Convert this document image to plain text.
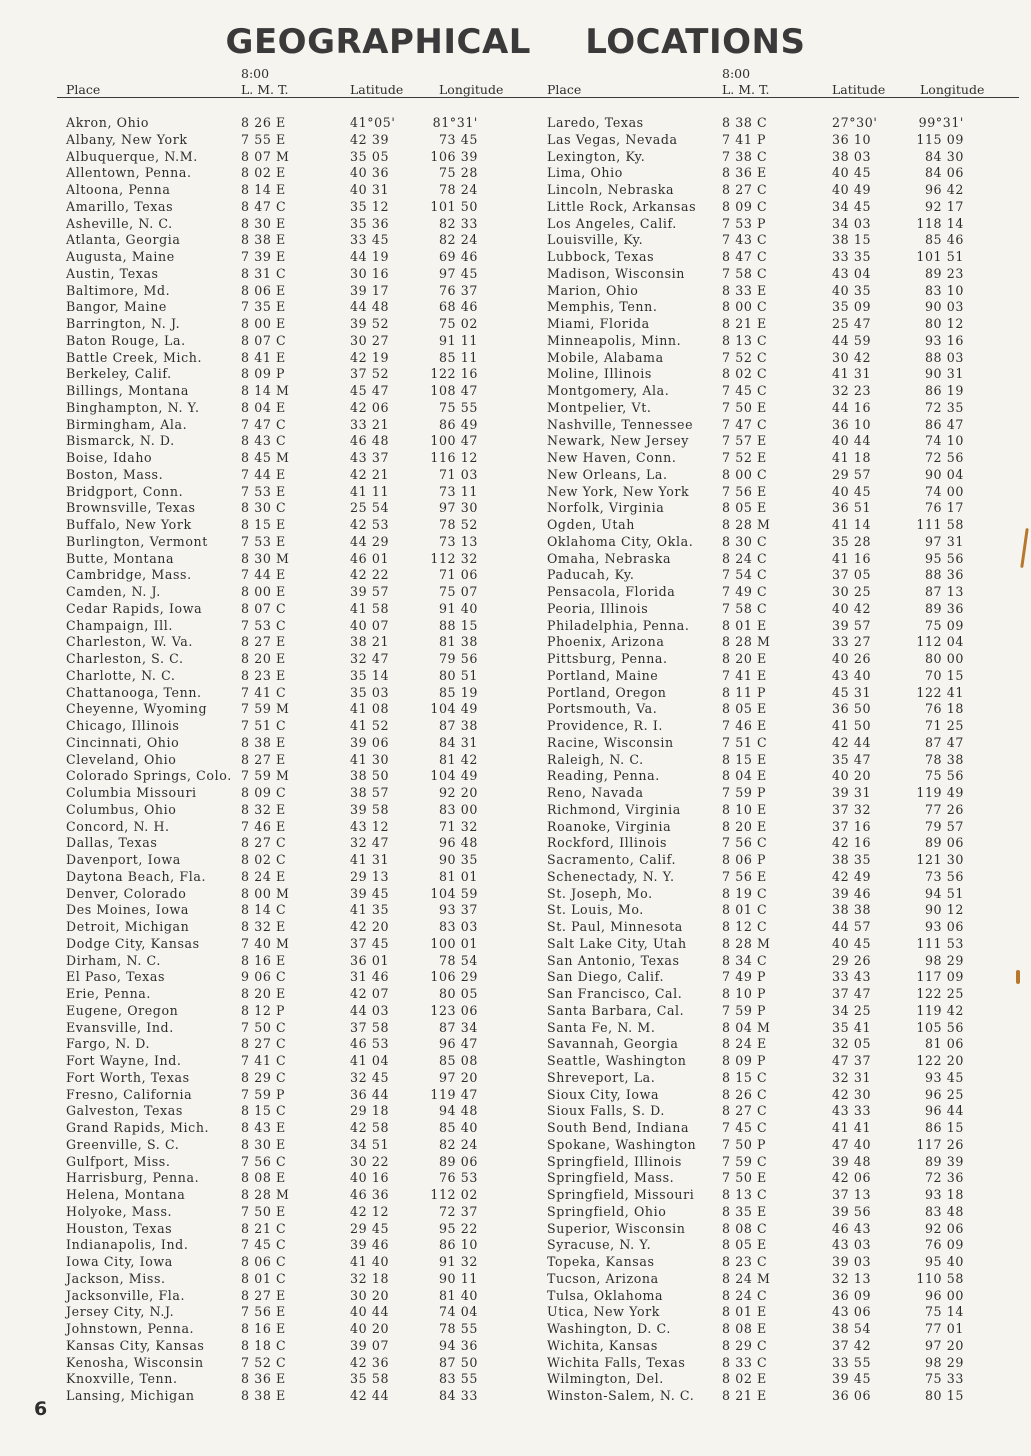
GEOGRAPHICAL LOCATIONS
8:00
Place	L. M. T.	Latitude	Longitude
Akron, Ohio	8 26 E	41°05'	81°31'
Albany, New York	7 55 E	42 39	73 45
Albuquerque, N.M.	8 07 M	35 05	106 39
Allentown, Penna.	8 02 E	40 36	75 28
Altoona, Penna	8 14 E	40 31	78 24
Amarillo, Texas	8 47 C	35 12	101 50
Asheville, N. C.	8 30 E	35 36	82 33
Atlanta, Georgia	8 38 E	33 45	82 24
Augusta, Maine	7 39 E	44 19	69 46
Austin, Texas	8 31 C	30 16	97 45
Baltimore, Md.	8 06 E	39 17	76 37
Bangor, Maine	7 35 E	44 48	68 46
Barrington, N. J.	8 00 E	39 52	75 02
Baton Rouge, La.	8 07 C	30 27	91 11
Battle Creek, Mich.	8 41 E	42 19	85 11
Berkeley, Calif.	8 09 P	37 52	122 16
Billings, Montana	8 14 M	45 47	108 47
Binghampton, N. Y.	8 04 E	42 06	75 55
Birmingham, Ala.	7 47 C	33 21	86 49
Bismarck, N. D.	8 43 C	46 48	100 47
Boise, Idaho	8 45 M	43 37	116 12
Boston, Mass.	7 44 E	42 21	71 03
Bridgport, Conn.	7 53 E	41 11	73 11
Brownsville, Texas	8 30 C	25 54	97 30
Buffalo, New York	8 15 E	42 53	78 52
Burlington, Vermont	7 53 E	44 29	73 13
Butte, Montana	8 30 M	46 01	112 32
Cambridge, Mass.	7 44 E	42 22	71 06
Camden, N. J.	8 00 E	39 57	75 07
Cedar Rapids, Iowa	8 07 C	41 58	91 40
Champaign, Ill.	7 53 C	40 07	88 15
Charleston, W. Va.	8 27 E	38 21	81 38
Charleston, S. C.	8 20 E	32 47	79 56
Charlotte, N. C.	8 23 E	35 14	80 51
Chattanooga, Tenn.	7 41 C	35 03	85 19
Cheyenne, Wyoming	7 59 M	41 08	104 49
Chicago, Illinois	7 51 C	41 52	87 38
Cincinnati, Ohio	8 38 E	39 06	84 31
Cleveland, Ohio	8 27 E	41 30	81 42
Colorado Springs, Colo. 7 59 M	38 50	104 49
Columbia Missouri	8 09 C	38 57	92 20
Columbus, Ohio	8 32 E	39 58	83 00
Concord, N. H.	7 46 E	43 12	71 32
Dallas, Texas	8 27 C	32 47	96 48
Davenport, Iowa	8 02 C	41 31	90 35
Daytona Beach, Fla.	8 24 E	29 13	81 01
Denver, Colorado	8 00 M	39 45	104 59
Des Moines, Iowa	8 14 C	41 35	93 37
Detroit, Michigan	8 32 E	42 20	83 03
Dodge City, Kansas	7 40 M	37 45	100 01
Dirham, N. C.	8 16 E	36 01	78 54
El Paso, Texas	9 06 C	31 46	106 29
Erie, Penna.	8 20 E	42 07	80 05
Eugene, Oregon	8 12 P	44 03	123 06
Evansville, Ind.	7 50 C	37 58	87 34
Fargo, N. D.	8 27 C	46 53	96 47
Fort Wayne, Ind.	7 41 C	41 04	85 08
Fort Worth, Texas	8 29 C	32 45	97 20
Fresno, California	7 59 P	36 44	119 47
Galveston, Texas	8 15 C	29 18	94 48
Grand Rapids, Mich.	8 43 E	42 58	85 40
Greenville, S. C.	8 30 E	34 51	82 24
Gulfport, Miss.	7 56 C	30 22	89 06
Harrisburg, Penna.	8 08 E	40 16	76 53
Helena, Montana	8 28 M	46 36	112 02
Holyoke, Mass.	7 50 E	42 12	72 37
Houston, Texas	8 21 C	29 45	95 22
Indianapolis, Ind.	7 45 C	39 46	86 10
Iowa City, Iowa	8 06 C	41 40	91 32
Jackson, Miss.	8 01 C	32 18	90 11
Jacksonville, Fla.	8 27 E	30 20	81 40
Jersey City, N.J.	7 56 E	40 44	74 04
Johnstown, Penna.	8 16 E	40 20	78 55
Kansas City, Kansas	8 18 C	39 07	94 36
Kenosha, Wisconsin	7 52 C	42 36	87 50
Knoxville, Tenn.	8 36 E	35 58	83 55
Lansing, Michigan	8 38 E	42 44	84 33
8:00
Place	L. M. T.	Latitude	Longitude
Laredo, Texas	8 38 C	27°30'	99°31'
Las Vegas, Nevada	7 41 P	36 10	115 09
Lexington, Ky.	7 38 C	38 03	84 30
Lima, Ohio	8 36 E	40 45	84 06
Lincoln, Nebraska	8 27 C	40 49	96 42
Little Rock, Arkansas 8 09 C	34 45	92 17
Los Angeles, Calif.	7 53 P	34 03	118 14
Louisville, Ky.	7 43 C	38 15	85 46
Lubbock, Texas	8 47 C	33 35	101 51
Madison, Wisconsin	7 58 C	43 04	89 23
Marion, Ohio	8 33 E	40 35	83 10
Memphis, Tenn.	8 00 C	35 09	90 03
Miami, Florida	8 21 E	25 47	80 12
Minneapolis, Minn.	8 13 C	44 59	93 16
Mobile, Alabama	7 52 C	30 42	88 03
Moline, Illinois	8 02 C	41 31	90 31
Montgomery, Ala.	7 45 C	32 23	86 19
Montpelier, Vt.	7 50 E	44 16	72 35
Nashville, Tennessee 7 47 C	36 10	86 47
Newark, New Jersey	7 57 E	40 44	74 10
New Haven, Conn.	7 52 E	41 18	72 56
New Orleans, La.	8 00 C	29 57	90 04
New York, New York	7 56 E	40 45	74 00
Norfolk, Virginia	8 05 E	36 51	76 17
Ogden, Utah	8 28 M	41 14	111 58
Oklahoma City, Okla. 8 30 C	35 28	97 31
Omaha, Nebraska	8 24 C	41 16	95 56
Paducah, Ky.	7 54 C	37 05	88 36
Pensacola, Florida	7 49 C	30 25	87 13
Peoria, Illinois	7 58 C	40 42	89 36
Philadelphia, Penna.	8 01 E	39 57	75 09
Phoenix, Arizona	8 28 M	33 27	112 04
Pittsburg, Penna.	8 20 E	40 26	80 00
Portland, Maine	7 41 E	43 40	70 15
Portland, Oregon	8 11 P	45 31	122 41
Portsmouth, Va.	8 05 E	36 50	76 18
Providence, R. I.	7 46 E	41 50	71 25
Racine, Wisconsin	7 51 C	42 44	87 47
Raleigh, N. C.	8 15 E	35 47	78 38
Reading, Penna.	8 04 E	40 20	75 56
Reno, Navada	7 59 P	39 31	119 49
Richmond, Virginia	8 10 E	37 32	77 26
Roanoke, Virginia	8 20 E	37 16	79 57
Rockford, Illinois	7 56 C	42 16	89 06
Sacramento, Calif.	8 06 P	38 35	121 30
Schenectady, N. Y.	7 56 E	42 49	73 56
St. Joseph, Mo.	8 19 C	39 46	94 51
St. Louis, Mo.	8 01 C	38 38	90 12
St. Paul, Minnesota	8 12 C	44 57	93 06
Salt Lake City, Utah	8 28 M	40 45	111 53
San Antonio, Texas	8 34 C	29 26	98 29
San Diego, Calif.	7 49 P	33 43	117 09
San Francisco, Cal.	8 10 P	37 47	122 25
Santa Barbara, Cal.	7 59 P	34 25	119 42
Santa Fe, N. M.	8 04 M	35 41	105 56
Savannah, Georgia	8 24 E	32 05	81 06
Seattle, Washington	8 09 P	47 37	122 20
Shreveport, La.	8 15 C	32 31	93 45
Sioux City, Iowa	8 26 C	42 30	96 25
Sioux Falls, S. D.	8 27 C	43 33	96 44
South Bend, Indiana	7 45 C	41 41	86 15
Spokane, Washington 7 50 P	47 40	117 26
Springfield, Illinois	7 59 C	39 48	89 39
Springfield, Mass.	7 50 E	42 06	72 36
Springfield, Missouri 8 13 C	37 13	93 18
Springfield, Ohio	8 35 E	39 56	83 48
Superior, Wisconsin	8 08 C	46 43	92 06
Syracuse, N. Y.	8 05 E	43 03	76 09
Topeka, Kansas	8 23 C	39 03	95 40
Tucson, Arizona	8 24 M	32 13	110 58
Tulsa, Oklahoma	8 24 C	36 09	96 00
Utica, New York	8 01 E	43 06	75 14
Washington, D. C.	8 08 E	38 54	77 01
Wichita, Kansas	8 29 C	37 42	97 20
Wichita Falls, Texas	8 33 C	33 55	98 29
Wilmington, Del.	8 02 E	39 45	75 33
Winston-Salem, N. C. 8 21 E	36 06	80 15
6
